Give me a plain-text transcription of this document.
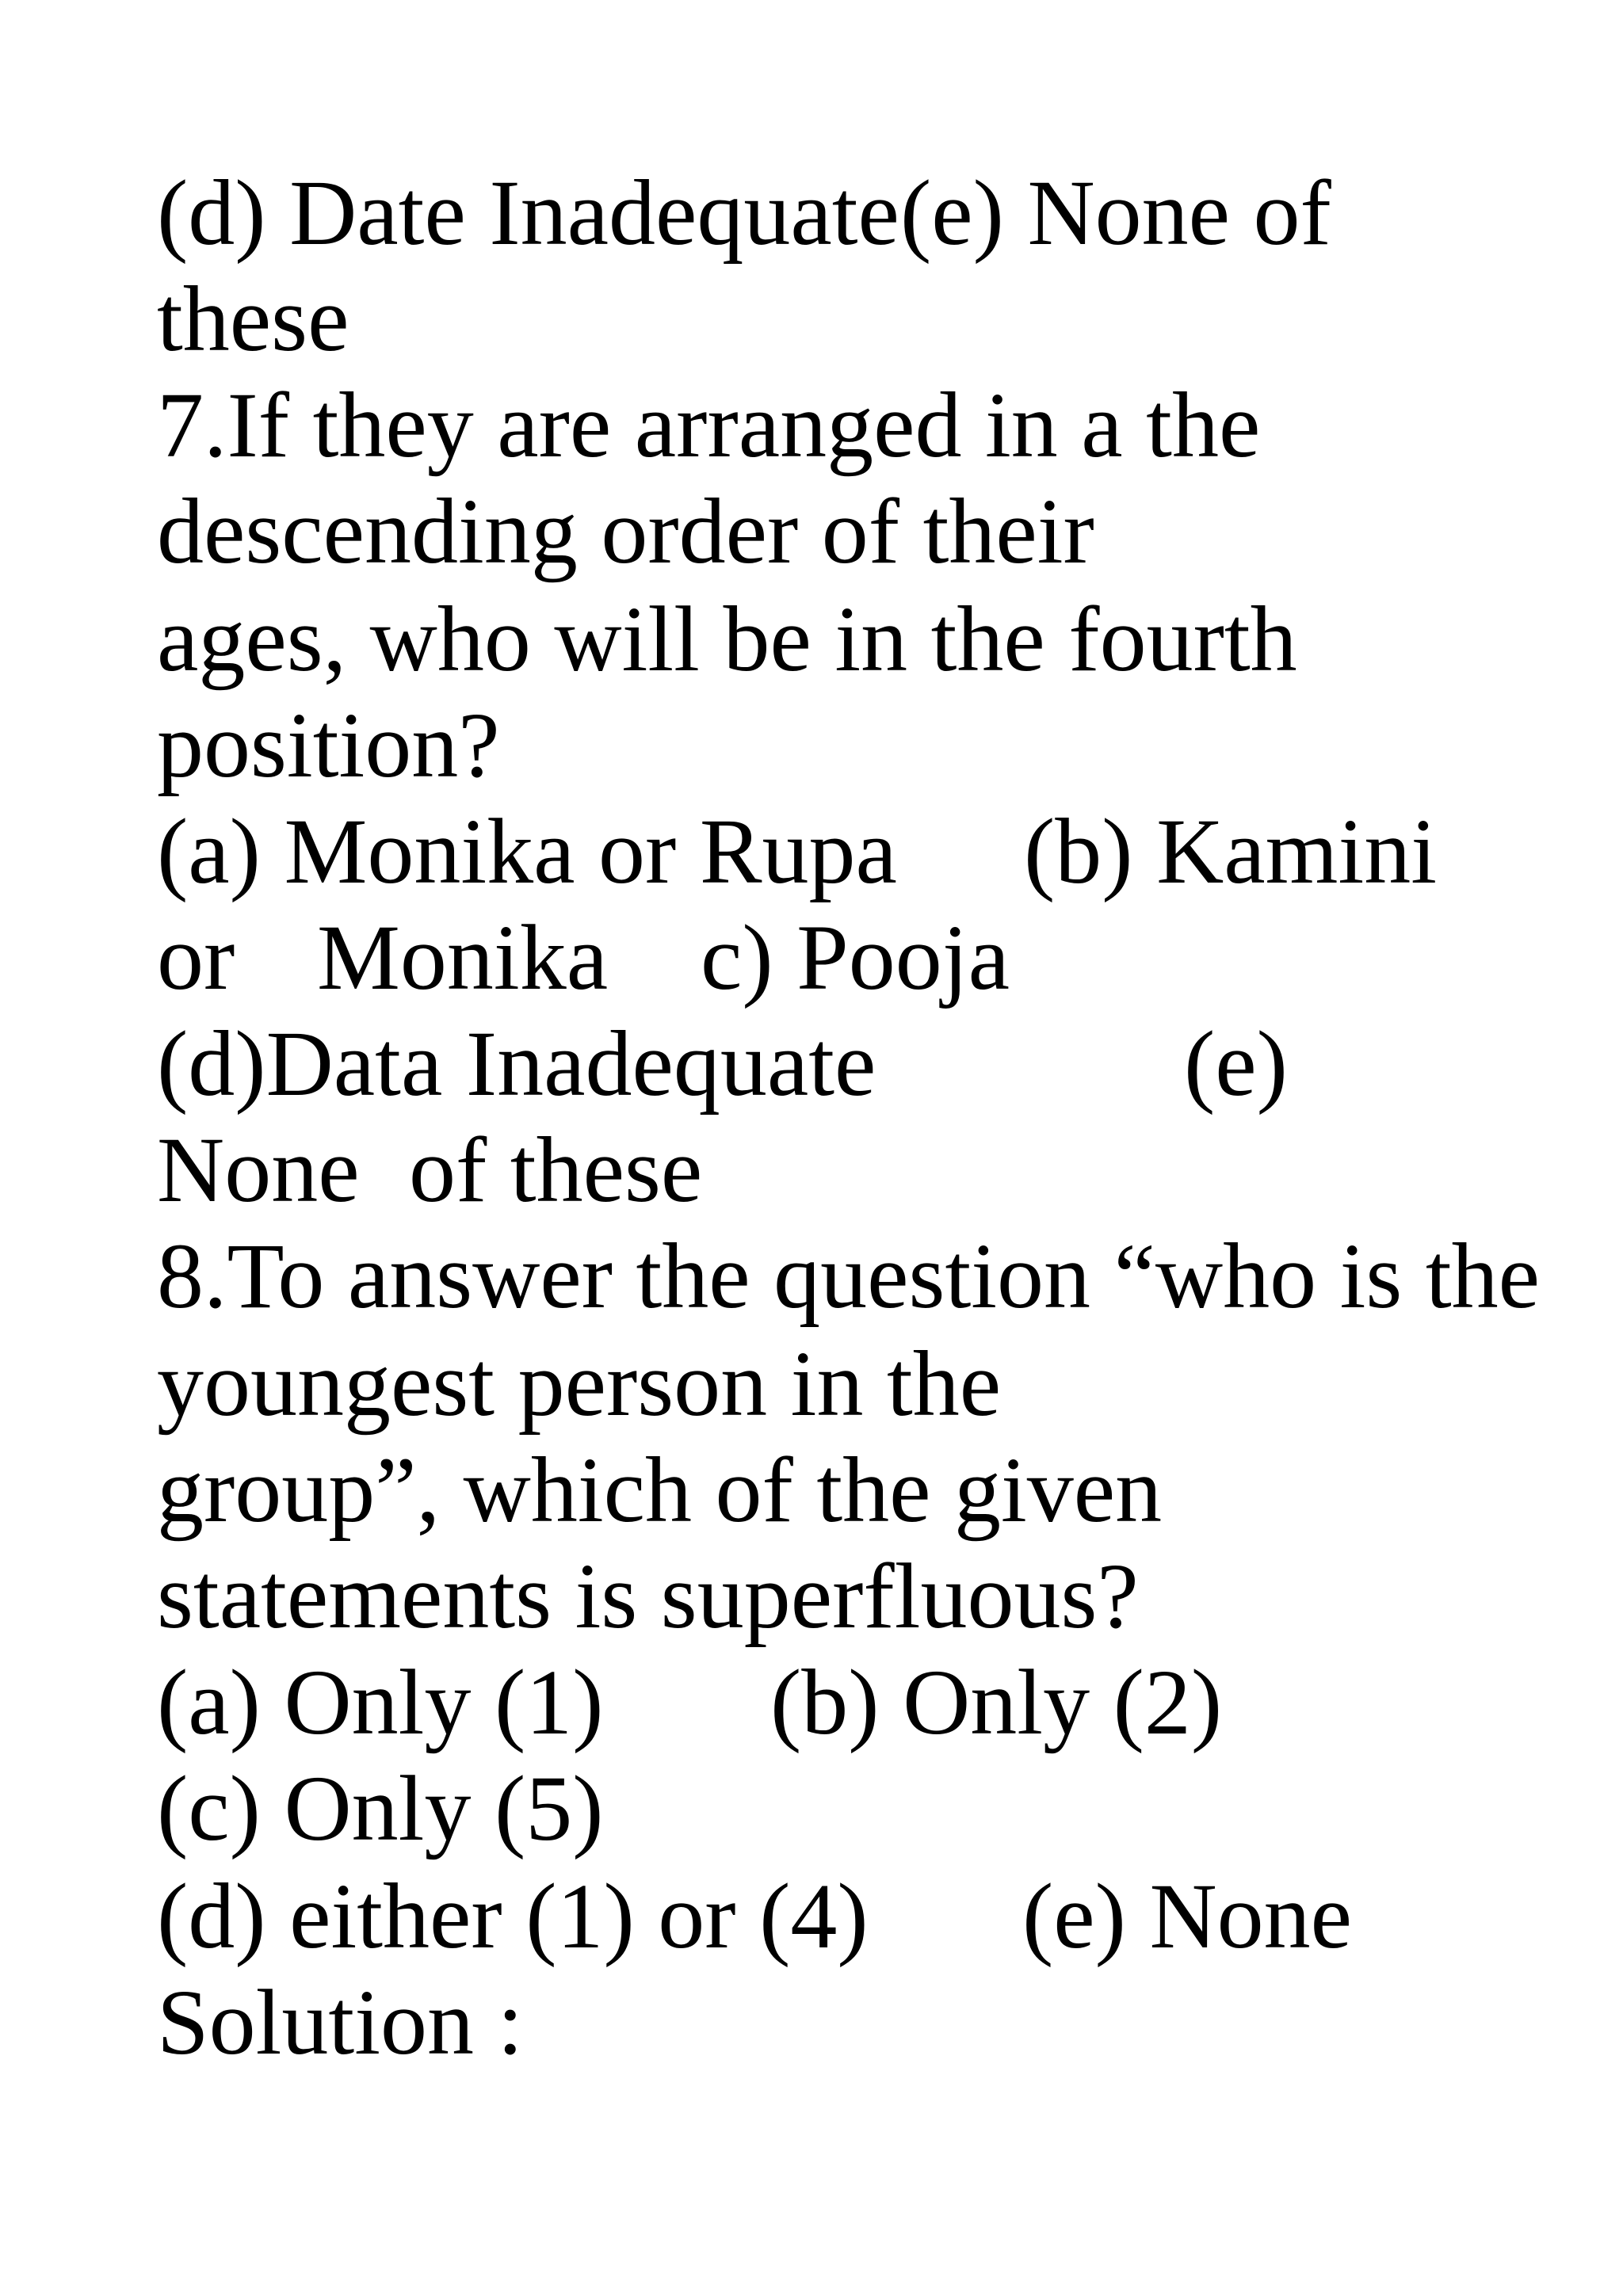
(d) Date Inadequate

(e) None of

these

7.If they are arranged in a the

descending order of their

ages, who will be in the fourth

position?

(a) Monika or Rupa

(b) Kamini

or

Monika

c) Pooja

(d)Data Inadequate

	(e)

None

of these

8.To answer the question “who is the

youngest person in the

group”, which of the given

statements is superfluous?

(a) Only (1)

(b) Only (2)

(c) Only (5)

(d) either (1) or (4)

(e) None

Solution :
